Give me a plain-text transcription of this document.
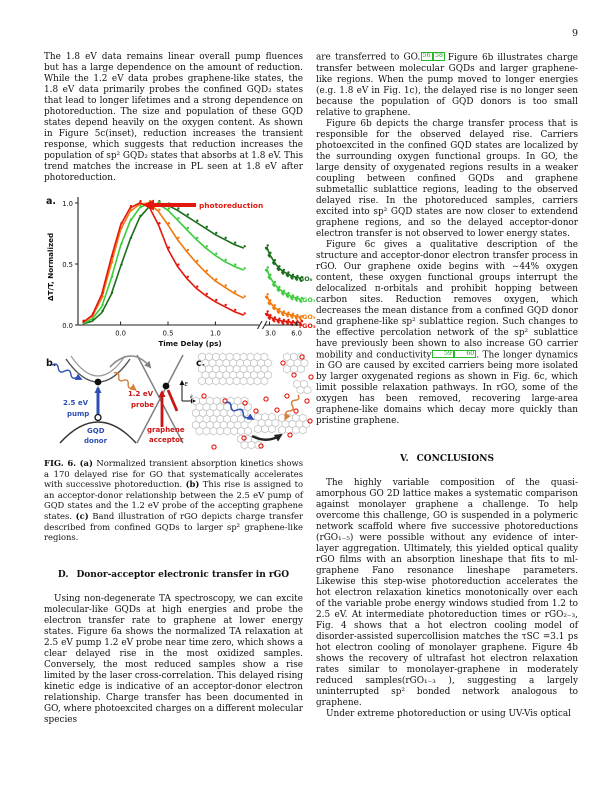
9

The 1.8 eV data remains linear overall pump fluences but has a large dependence on the amount of reduction. While the 1.2 eV data probes graphene-like states, the 1.8 eV data primarily probes the confined GQD₂ states that lead to longer lifetimes and a strong dependence on photoreduction. The size and population of these GQD states depend heavily on the oxygen content. As shown in Figure 5c(inset), reduction increases the transient response, which suggests that reduction increases the population of sp² GQD₂ states that absorbs at 1.8 eV. This trend matches the increase in PL seen at 1.8 eV after photoreduction.

a. 1.0
0.5
0.0
0.0	0.5	1.0	3.0 6.0
ΔT/T, Normalized
Time Delay (ps)
photoreduction
GO₀
rGO₁
rGO₃
rGO₅
b.
E
k
2.5 eV
pump
GQD
donor
1.2 eV
probe
graphene
acceptor
c.
FIG. 6. (a) Normalized transient absorption kinetics shows a 170 delayed rise for GO that systematically accelerates with successive photoreduction. (b) This rise is assigned to an acceptor-donor relationship between the 2.5 eV pump of GQD states and the 1.2 eV probe of the accepting graphene states. (c) Band illustration of rGO depicts charge transfer described from confined GQDs to larger sp² graphene-like regions.

D. Donor-acceptor electronic transfer in rGO

Using non-degenerate TA spectroscopy, we can excite molecular-like GQDs at high energies and probe the electron transfer rate to graphene at lower energy states. Figure 6a shows the normalized TA relaxation at 2.5 eV pump 1.2 eV probe near time zero, which shows a clear delayed rise in the most oxidized samples. Conversely, the most reduced samples show a rise limited by the laser cross-correlation. This delayed rising kinetic edge is indicative of an acceptor-donor electron relationship. Charge transfer has been documented in GO, where photoexcited charges on a different molecular species

are transferred to GO. 56 58 Figure 6b illustrates charge transfer between molecular GQDs and larger graphene-like regions. When the pump moved to longer energies (e.g. 1.8 eV in Fig. 1c), the delayed rise is no longer seen because the population of GQD donors is too small relative to graphene.

Figure 6b depicts the charge transfer process that is responsible for the observed delayed rise. Carriers photoexcited in the confined GQD states are localized by the surrounding oxygen functional groups. In GO, the large density of oxygenated regions results in a weaker coupling between confined GQDs and graphene submetallic sublattice regions, leading to the observed delayed rise. In the photoreduced samples, carriers excited into sp² GQD states are now closer to extendend graphene regions, and so the delayed acceptor-donor electron transfer is not observed to lower energy states.

Figure 6c gives a qualitative description of the structure and acceptor-donor electron transfer process in rGO. Our graphene oxide begins with ∼44% oxygen content, these oxygen functional groups interrupt the delocalized π-orbitals and prohibit hopping between carbon sites. Reduction removes oxygen, which decreases the mean distance from a confined GQD donor and graphene-like sp² sublattice region. Such changes to the effective percolation network of the sp² sublattice have previously been shown to also increase GO carrier mobility and conductivity 59 60 . The longer dynamics in GO are caused by excited carriers being more isolated by larger oxygenated regions as shown in Fig. 6c, which limit possible relaxation pathways. In rGO, some of the oxygen has been removed, recovering large-area graphene-like domains which decay more quickly than pristine graphene.

V. CONCLUSIONS

The highly variable composition of the quasi-amorphous GO 2D lattice makes a systematic comparison against monolayer graphene a challenge. To help overcome this challenge, GO is suspended in a polymeric network scaffold where five successive photoreductions (rGO₁₋₅) were possible without any evidence of inter-layer aggregation. Ultimately, this yielded optical quality rGO films with an absorption lineshape that fits to ml-graphene Fano resonance lineshape parameters. Likewise this step-wise photoreduction accelerates the hot electron relaxation kinetics monotonically over each of the variable probe energy windows studied from 1.2 to 2.5 eV. At intermediate photoreduction times or rGO₂₋₃, Fig. 4 shows that a hot electron cooling model of disorder-assisted supercollision matches the τSC =3.1 ps hot electron cooling of monolayer graphene. Figure 4b shows the recovery of ultrafast hot electron relaxation rates similar to monolayer-graphene in moderately reduced samples(rGO₁₋₃ ), suggesting a largely uninterrupted sp² bonded network analogous to graphene.

Under extreme photoreduction or using UV-Vis optical
